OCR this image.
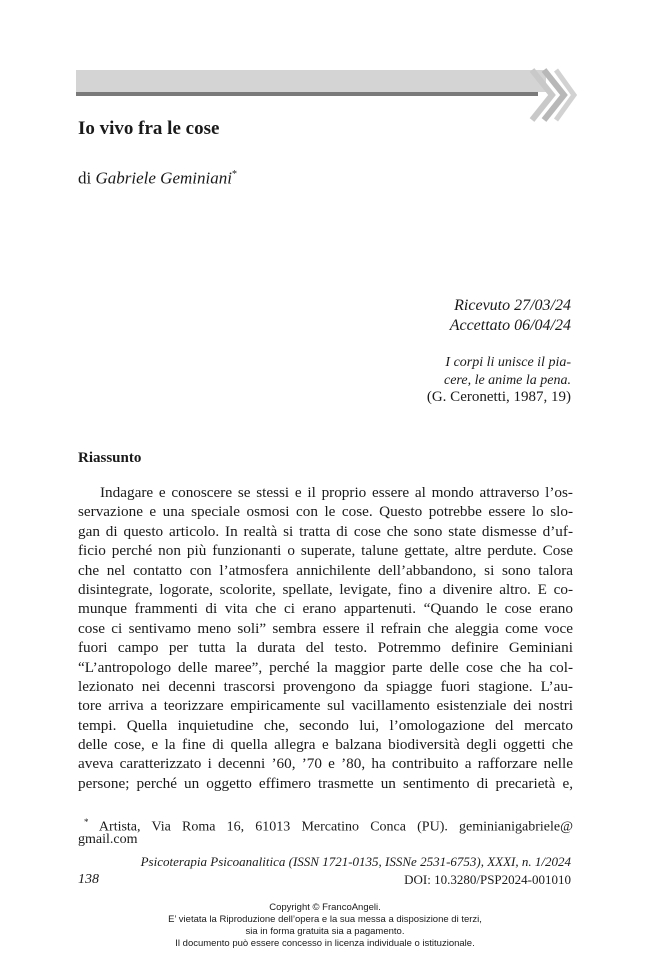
Io vivo fra le cose
di Gabriele Geminiani*
Ricevuto 27/03/24
Accettato 06/04/24
I corpi li unisce il pia-
cere, le anime la pena.
(G. Ceronetti, 1987, 19)
Riassunto
Indagare e conoscere se stessi e il proprio essere al mondo attraverso l’os-
servazione e una speciale osmosi con le cose. Questo potrebbe essere lo slo-
gan di questo articolo. In realtà si tratta di cose che sono state dismesse d’uf-
ficio perché non più funzionanti o superate, talune gettate, altre perdute. Cose
che nel contatto con l’atmosfera annichilente dell’abbandono, si sono talora
disintegrate, logorate, scolorite, spellate, levigate, fino a divenire altro. E co-
munque frammenti di vita che ci erano appartenuti. “Quando le cose erano
cose ci sentivamo meno soli” sembra essere il refrain che aleggia come voce
fuori campo per tutta la durata del testo. Potremmo definire Geminiani
“L’antropologo delle maree”, perché la maggior parte delle cose che ha col-
lezionato nei decenni trascorsi provengono da spiagge fuori stagione. L’au-
tore arriva a teorizzare empiricamente sul vacillamento esistenziale dei nostri
tempi. Quella inquietudine che, secondo lui, l’omologazione del mercato
delle cose, e la fine di quella allegra e balzana biodiversità degli oggetti che
aveva caratterizzato i decenni ’60, ’70 e ’80, ha contribuito a rafforzare nelle
persone; perché un oggetto effimero trasmette un sentimento di precarietà e,
* Artista, Via Roma 16, 61013 Mercatino Conca (PU). geminianigabriele@
gmail.com
Psicoterapia Psicoanalitica (ISSN 1721-0135, ISSNe 2531-6753), XXXI, n. 1/2024
138	DOI: 10.3280/PSP2024-001010
Copyright © FrancoAngeli.
E’ vietata la Riproduzione dell’opera e la sua messa a disposizione di terzi,
sia in forma gratuita sia a pagamento.
Il documento può essere concesso in licenza individuale o istituzionale.
